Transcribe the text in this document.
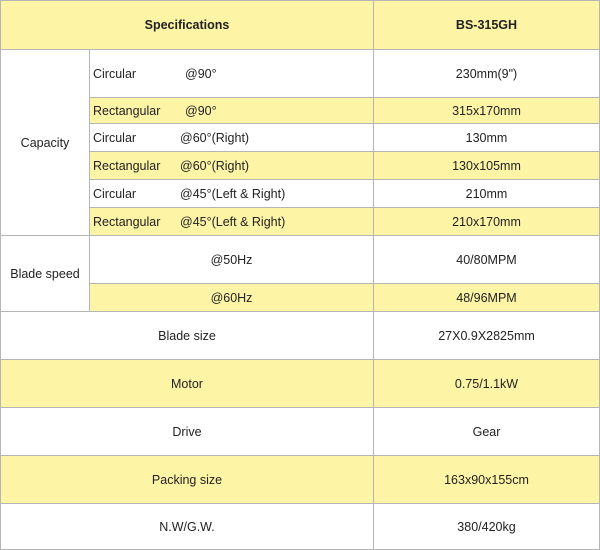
Specifications	BS-315GH
Capacity
Circular	@90°	230mm(9")
Rectangular	@90°	315x170mm
Circular	@60°(Right)	130mm
Rectangular	@60°(Right)	130x105mm
Circular	@45°(Left & Right)	210mm
Rectangular	@45°(Left & Right)	210x170mm
Blade speed
@50Hz	40/80MPM
@60Hz	48/96MPM
Blade size	27X0.9X2825mm
Motor	0.75/1.1kW
Drive	Gear
Packing size	163x90x155cm
N.W/G.W.	380/420kg
